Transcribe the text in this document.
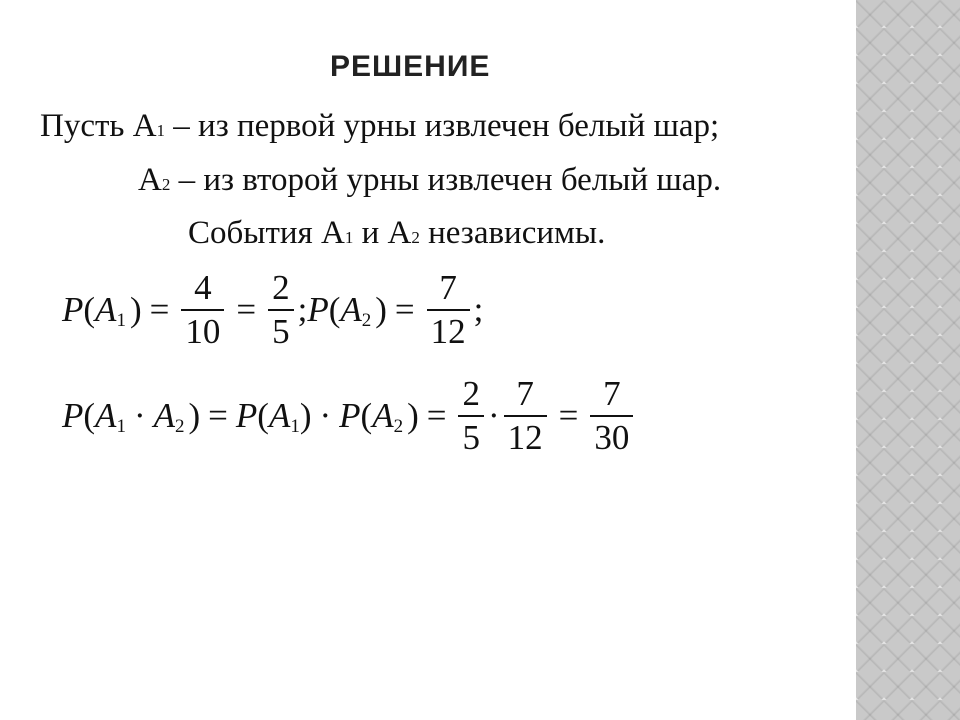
РЕШЕНИЕ
Пусть А1 – из первой урны извлечен белый шар;
А2 – из второй урны извлечен белый шар.
События А1 и А2 независимы.
P ( A 1 ) = $\frac{4}{10} = \frac{2}{5}$ ; P ( A 2 ) = $\frac{7}{12}$ ;
P ( A 1 · A 2 ) = P ( A 1 ) · P ( A 2 ) = $\frac{2}{5} \cdot \frac{7}{12} = \frac{7}{30}$
